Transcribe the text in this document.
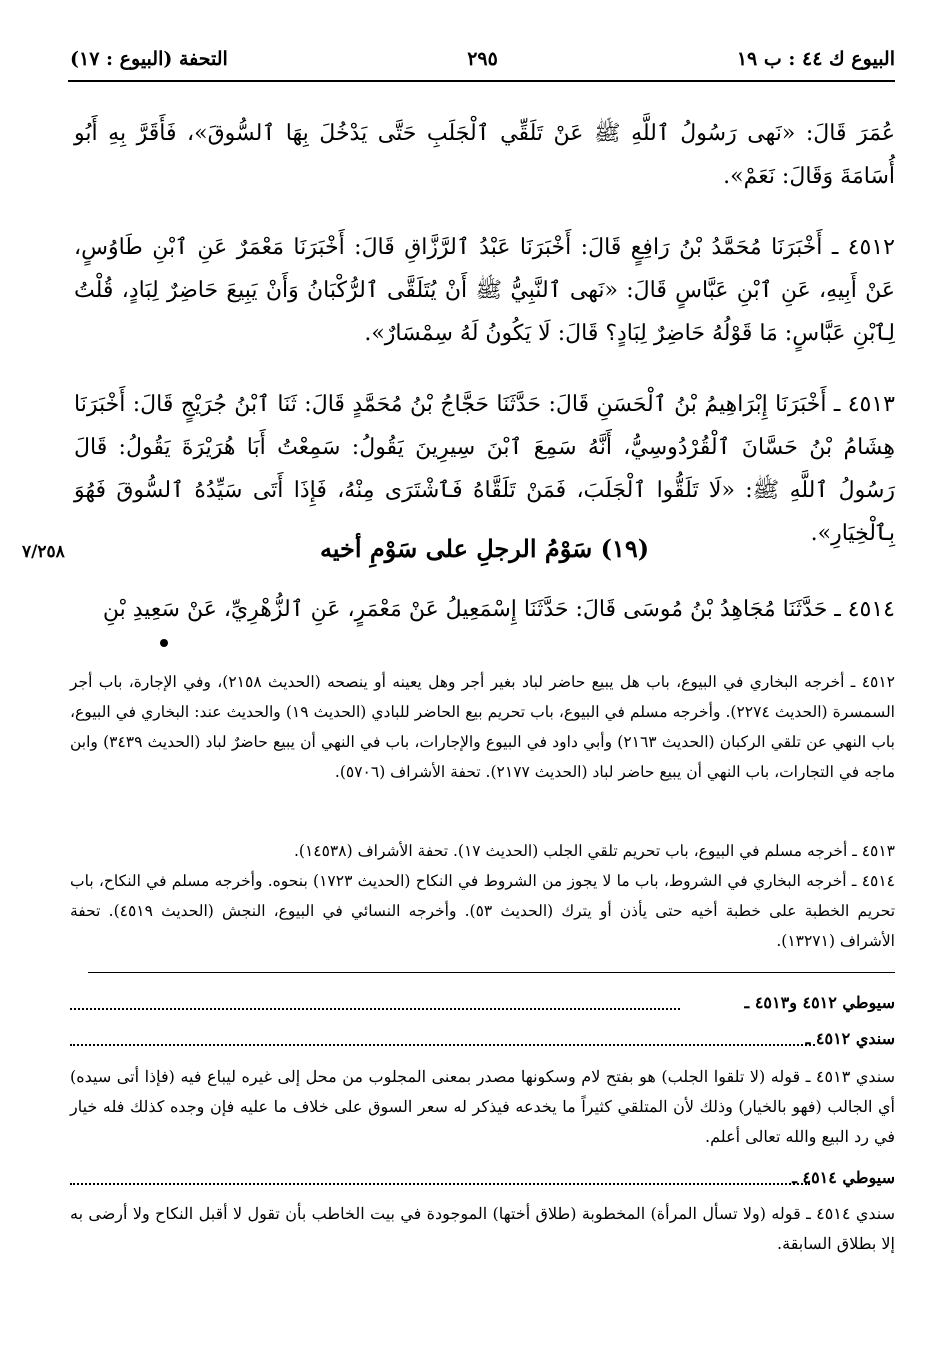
البيوع ك ٤٤ : ب ١٩
٢٩٥
التحفة (البيوع : ١٧)
عُمَرَ قَالَ: «نَهى رَسُولُ ٱللَّهِ ﷺ عَنْ تَلَقِّي ٱلْجَلَبِ حَتَّى يَدْخُلَ بِهَا ٱلسُّوقَ»، فَأَقَرَّ بِهِ أَبُو أُسَامَةَ وَقَالَ: نَعَمْ».
٤٥١٢ ـ أَخْبَرَنَا مُحَمَّدُ بْنُ رَافِعٍ قَالَ: أَخْبَرَنَا عَبْدُ ٱلرَّزَّاقِ قَالَ: أَخْبَرَنَا مَعْمَرٌ عَنِ ٱبْنِ طَاوُسٍ، عَنْ أَبِيهِ، عَنِ ٱبْنِ عَبَّاسٍ قَالَ: «نَهى ٱلنَّبِيُّ ﷺ أَنْ يُتَلَقَّى ٱلرُّكْبَانُ وَأَنْ يَبِيعَ حَاضِرٌ لِبَادٍ، قُلْتُ لِٱبْنِ عَبَّاسٍ: مَا قَوْلُهُ حَاضِرٌ لِبَادٍ؟ قَالَ: لَا يَكُونُ لَهُ سِمْسَارٌ».
٤٥١٣ ـ أَخْبَرَنَا إِبْرَاهِيمُ بْنُ ٱلْحَسَنِ قَالَ: حَدَّثَنَا حَجَّاجُ بْنُ مُحَمَّدٍ قَالَ: ثَنَا ٱبْنُ جُرَيْجٍ قَالَ: أَخْبَرَنَا هِشَامُ بْنُ حَسَّانَ ٱلْقُرْدُوسِيُّ، أَنَّهُ سَمِعَ ٱبْنَ سِيرِينَ يَقُولُ: سَمِعْتُ أَبَا هُرَيْرَةَ يَقُولُ: قَالَ رَسُولُ ٱللَّهِ ﷺ: «لَا تَلَقُّوا ٱلْجَلَبَ، فَمَنْ تَلَقَّاهُ فَٱشْتَرَى مِنْهُ، فَإِذَا أَتَى سَيِّدُهُ ٱلسُّوقَ فَهُوَ بِٱلْخِيَارِ».
(١٩) سَوْمُ الرجلِ على سَوْمِ أخيه
٧/٢٥٨
٤٥١٤ ـ حَدَّثَنَا مُجَاهِدُ بْنُ مُوسَى قَالَ: حَدَّثَنَا إِسْمَعِيلُ عَنْ مَعْمَرٍ، عَنِ ٱلزُّهْرِيِّ، عَنْ سَعِيدِ بْنِ
٤٥١٢ ـ أخرجه البخاري في البيوع، باب هل يبيع حاضر لباد بغير أجر وهل يعينه أو ينصحه (الحديث ٢١٥٨)، وفي الإجارة، باب أجر السمسرة (الحديث ٢٢٧٤). وأخرجه مسلم في البيوع، باب تحريم بيع الحاضر للبادي (الحديث ١٩) والحديث عند: البخاري في البيوع، باب النهي عن تلقي الركبان (الحديث ٢١٦٣) وأبي داود في البيوع والإجارات، باب في النهي أن يبيع حاضرٌ لباد (الحديث ٣٤٣٩) وابن ماجه في التجارات، باب النهي أن يبيع حاضر لباد (الحديث ٢١٧٧). تحفة الأشراف (٥٧٠٦).
٤٥١٣ ـ أخرجه مسلم في البيوع، باب تحريم تلقي الجلب (الحديث ١٧). تحفة الأشراف (١٤٥٣٨).
٤٥١٤ ـ أخرجه البخاري في الشروط، باب ما لا يجوز من الشروط في النكاح (الحديث ١٧٢٣) بنحوه. وأخرجه مسلم في النكاح، باب تحريم الخطبة على خطبة أخيه حتى يأذن أو يترك (الحديث ٥٣). وأخرجه النسائي في البيوع، النجش (الحديث ٤٥١٩). تحفة الأشراف (١٣٢٧١).
سيوطي ٤٥١٢ و٤٥١٣ ـ
سندي ٤٥١٢ ـ
سندي ٤٥١٣ ـ قوله (لا تلقوا الجلب) هو بفتح لام وسكونها مصدر بمعنى المجلوب من محل إلى غيره ليباع فيه (فإذا أتى سيده) أي الجالب (فهو بالخيار) وذلك لأن المتلقي كثيراً ما يخدعه فيذكر له سعر السوق على خلاف ما عليه فإن وجده كذلك فله خيار في رد البيع والله تعالى أعلم.
سيوطي ٤٥١٤ ـ
سندي ٤٥١٤ ـ قوله (ولا تسأل المرأة) المخطوبة (طلاق أختها) الموجودة في بيت الخاطب بأن تقول لا أقبل النكاح ولا أرضى به إلا بطلاق السابقة.
